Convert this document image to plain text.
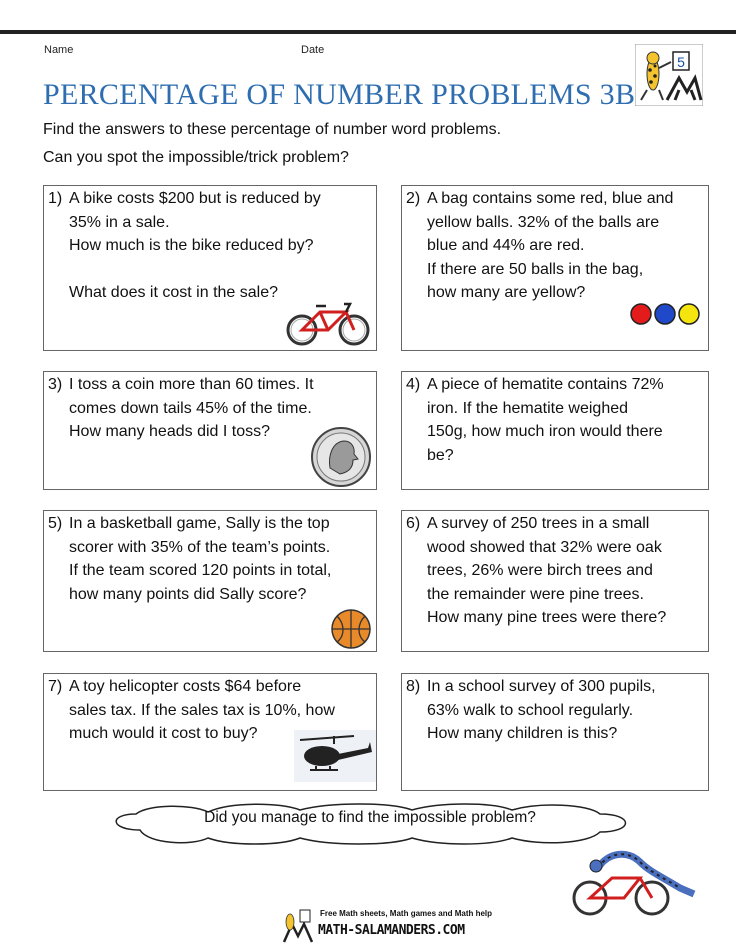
Name	Date
5
PERCENTAGE OF NUMBER PROBLEMS 3B
Find the answers to these percentage of number word problems.
Can you spot the impossible/trick problem?
1) A bike costs $200 but is reduced by

35% in a sale.

How much is the bike reduced by?

What does it cost in the sale?

2) A bag contains some red, blue and

yellow balls. 32% of the balls are

blue and 44% are red.

If there are 50 balls in the bag,

how many are yellow?

3) I toss a coin more than 60 times. It

comes down tails 45% of the time.

How many heads did I toss?

4) A piece of hematite contains 72%

iron. If the hematite weighed

150g, how much iron would there

be?

5) In a basketball game, Sally is the top

scorer with 35% of the team’s points.

If the team scored 120 points in total,

how many points did Sally score?

6) A survey of 250 trees in a small

wood showed that 32% were oak

trees, 26% were birch trees and

the remainder were pine trees.

How many pine trees were there?

7) A toy helicopter costs $64 before

sales tax. If the sales tax is 10%, how

much would it cost to buy?

8) In a school survey of 300 pupils,

63% walk to school regularly.

How many children is this?

Did you manage to find the impossible problem?
Free Math sheets, Math games and Math help
MATH-SALAMANDERS.COM
